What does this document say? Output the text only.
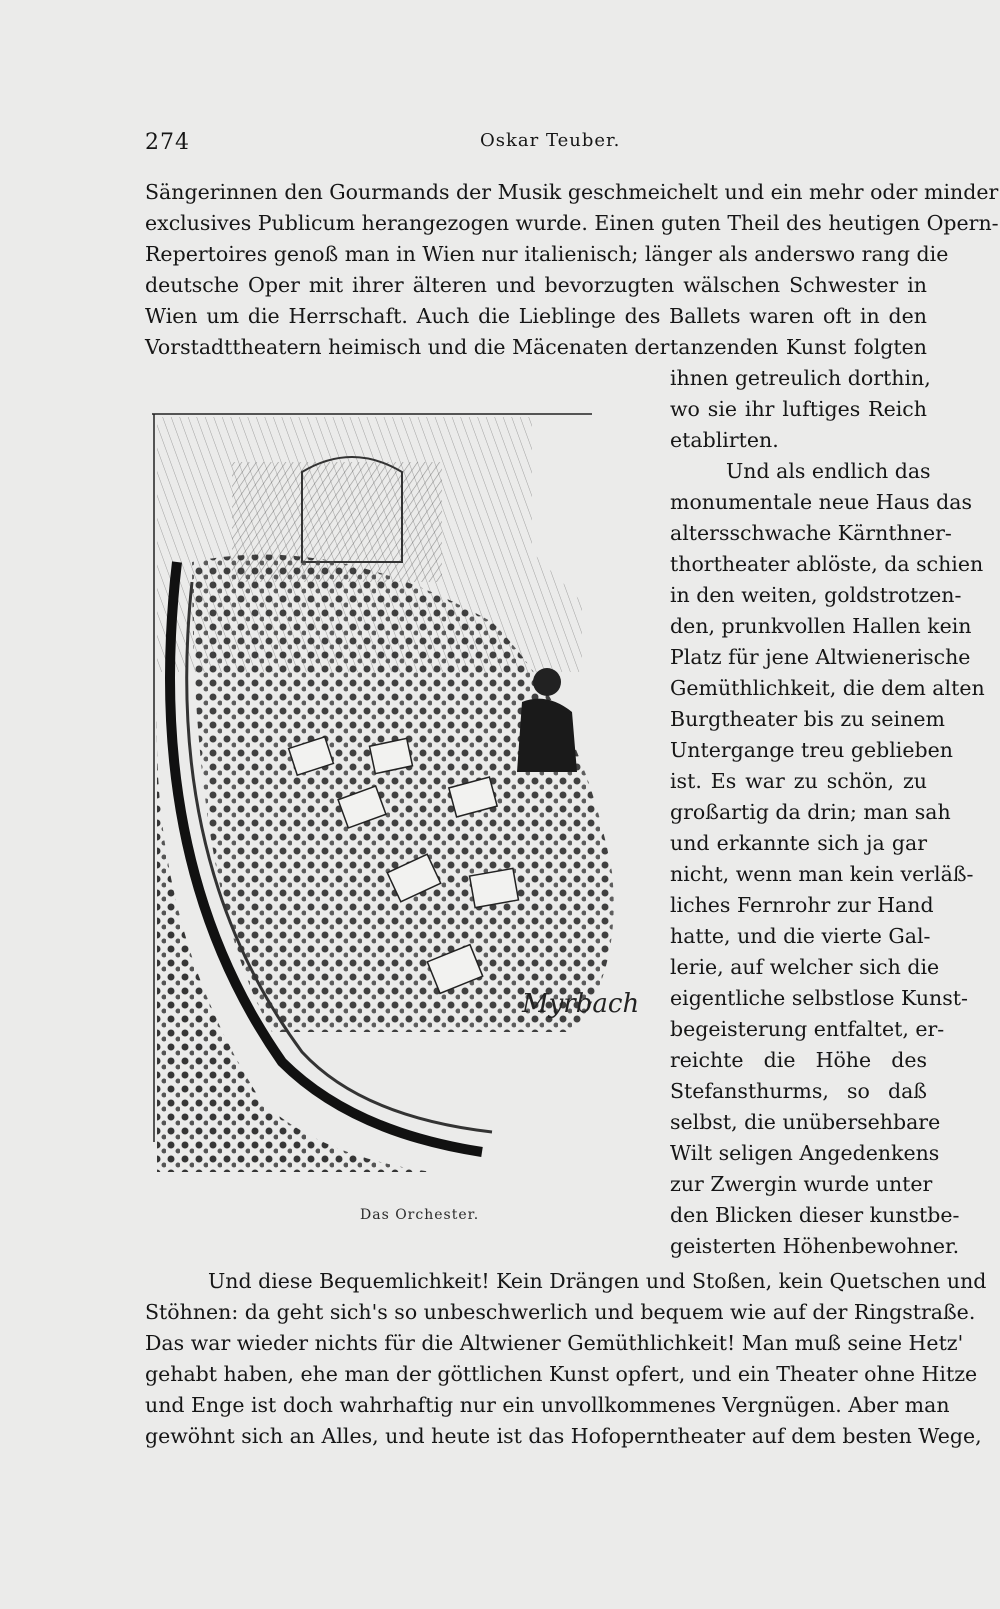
274	Oskar Teuber.
Sängerinnen den Gourmands der Musik geschmeichelt und ein mehr oder minder
exclusives Publicum herangezogen wurde. Einen guten Theil des heutigen Opern-
Repertoires genoß man in Wien nur italienisch; länger als anderswo rang die
deutsche Oper mit ihrer älteren und bevorzugten wälschen Schwester in
Wien um die Herrschaft. Auch die Lieblinge des Ballets waren oft in den
Vorstadttheatern heimisch und die Mäcenaten der tanzenden Kunst folgten
ihnen getreulich dorthin,
wo sie ihr luftiges Reich
etablirten.
Und als endlich das
monumentale neue Haus das
altersschwache Kärnthner-
thortheater ablöste, da schien
in den weiten, goldstrotzen-
den, prunkvollen Hallen kein
Platz für jene Altwienerische
Gemüthlichkeit, die dem alten
Burgtheater bis zu seinem
Untergange treu geblieben
ist. Es war zu schön, zu
großartig da drin; man sah
und erkannte sich ja gar
nicht, wenn man kein verläß-
liches Fernrohr zur Hand
hatte, und die vierte Gal-
lerie, auf welcher sich die
eigentliche selbstlose Kunst-
begeisterung entfaltet, er-
reichte die Höhe des
Stefansthurms, so daß
selbst, die unübersehbare
Wilt seligen Angedenkens
zur Zwergin wurde unter
den Blicken dieser kunstbe-
geisterten Höhenbewohner.
Und diese Bequemlichkeit! Kein Drängen und Stoßen, kein Quetschen und
Stöhnen: da geht sich's so unbeschwerlich und bequem wie auf der Ringstraße.
Das war wieder nichts für die Altwiener Gemüthlichkeit! Man muß seine Hetz'
gehabt haben, ehe man der göttlichen Kunst opfert, und ein Theater ohne Hitze
und Enge ist doch wahrhaftig nur ein unvollkommenes Vergnügen. Aber man
gewöhnt sich an Alles, und heute ist das Hofoperntheater auf dem besten Wege,
Myrbach
Das Orchester.
